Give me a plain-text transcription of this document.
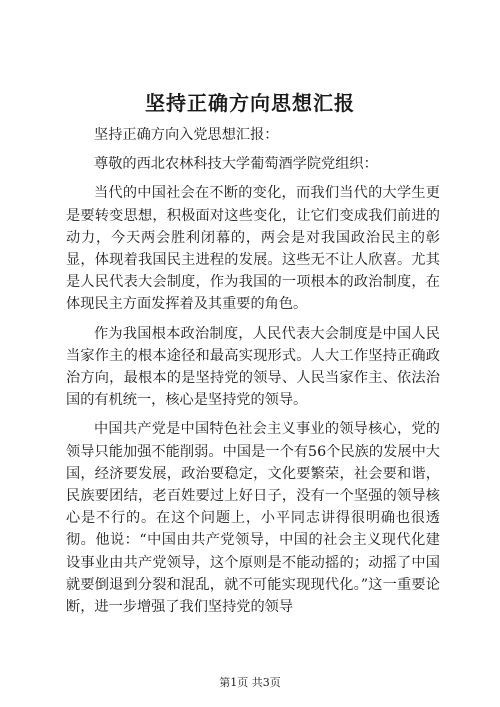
坚持正确方向思想汇报

坚持正确方向入党思想汇报：

尊敬的西北农林科技大学葡萄酒学院党组织：

当代的中国社会在不断的变化，而我们当代的大学生更是要转变思想，积极面对这些变化，让它们变成我们前进的动力，今天两会胜利闭幕的，两会是对我国政治民主的彰显，体现着我国民主进程的发展。这些无不让人欣喜。尤其是人民代表大会制度，作为我国的一项根本的政治制度，在体现民主方面发挥着及其重要的角色。

作为我国根本政治制度，人民代表大会制度是中国人民当家作主的根本途径和最高实现形式。人大工作坚持正确政治方向，最根本的是坚持党的领导、人民当家作主、依法治国的有机统一，核心是坚持党的领导。

中国共产党是中国特色社会主义事业的领导核心，党的领导只能加强不能削弱。中国是一个有56个民族的发展中大国，经济要发展，政治要稳定，文化要繁荣，社会要和谐，民族要团结，老百姓要过上好日子，没有一个坚强的领导核心是不行的。在这个问题上，小平同志讲得很明确也很透彻。他说：“中国由共产党领导，中国的社会主义现代化建设事业由共产党领导，这个原则是不能动摇的；动摇了中国就要倒退到分裂和混乱，就不可能实现现代化。”这一重要论断，进一步增强了我们坚持党的领导

第1页 共3页
